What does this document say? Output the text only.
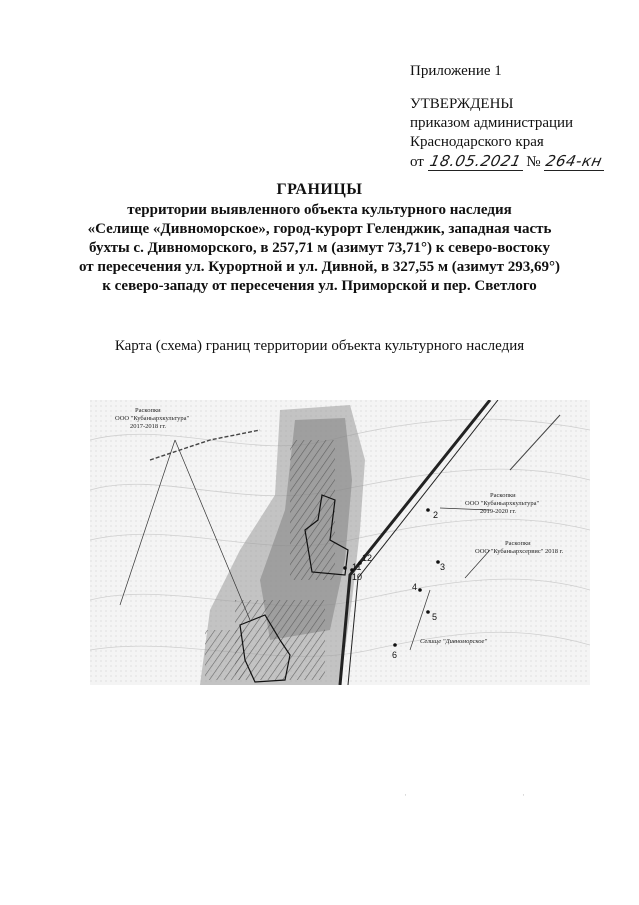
Приложение 1
УТВЕРЖДЕНЫ
приказом администрации
Краснодарского края
от 18.05.2021 № 264-кн
ГРАНИЦЫ
территории выявленного объекта культурного наследия
«Селище «Дивноморское», город-курорт Геленджик, западная часть
бухты с. Дивноморского, в 257,71 м (азимут 73,71°) к северо-востоку
от пересечения ул. Курортной и ул. Дивной, в 327,55 м (азимут 293,69°)
к северо-западу от пересечения ул. Приморской и пер. Светлого
Карта (схема) границ территории объекта культурного наследия
Раскопки
ООО "Кубаньархкультура"
2017-2018 гг.
Раскопки
ООО "Кубаньархкультура"
2019-2020 гг.
Раскопки
ООО "Кубаньархсервис" 2018 г.
Селище "Дивноморское"
2
3
4
5
6
10
11
12
·	·
